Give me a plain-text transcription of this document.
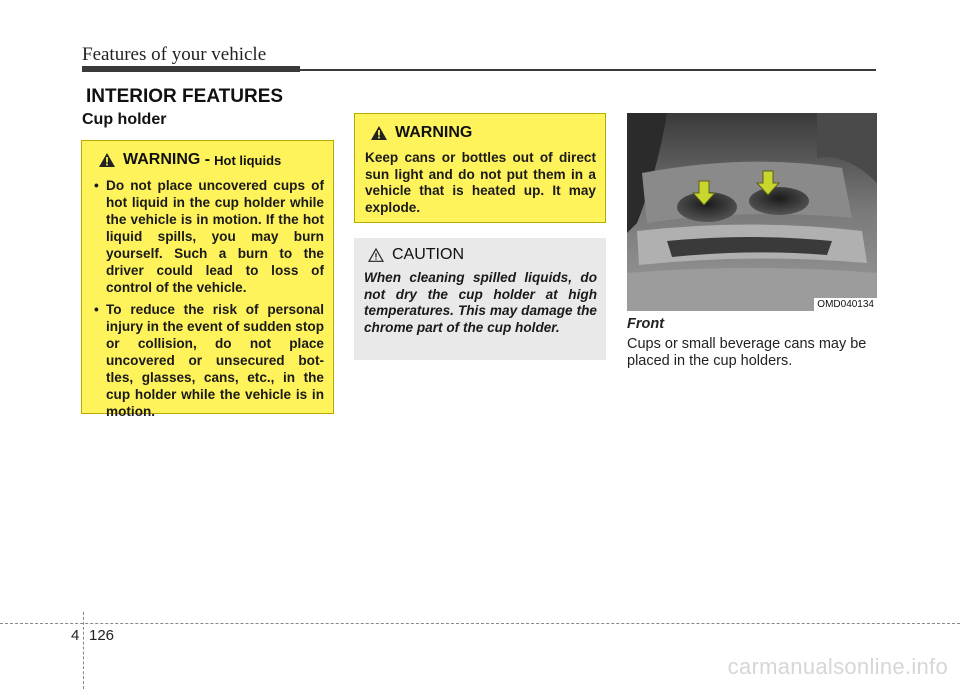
Features of your vehicle
INTERIOR FEATURES
Cup holder
WARNING - Hot liquids
• Do not place uncovered cups of hot liquid in the cup holder while the vehicle is in motion. If the hot liquid spills, you may burn yourself. Such a burn to the driver could lead to loss of control of the vehicle.
• To reduce the risk of personal injury in the event of sudden stop or collision, do not place uncovered or unsecured bot- tles, glasses, cans, etc., in the cup holder while the vehicle is in motion.
WARNING
Keep cans or bottles out of direct sun light and do not put them in a vehicle that is heated up. It may explode.
CAUTION
When cleaning spilled liquids, do not dry the cup holder at high temperatures. This may damage the chrome part of the cup holder.
OMD040134
Front
Cups or small beverage cans may be placed in the cup holders.
4 126
carmanualsonline.info
